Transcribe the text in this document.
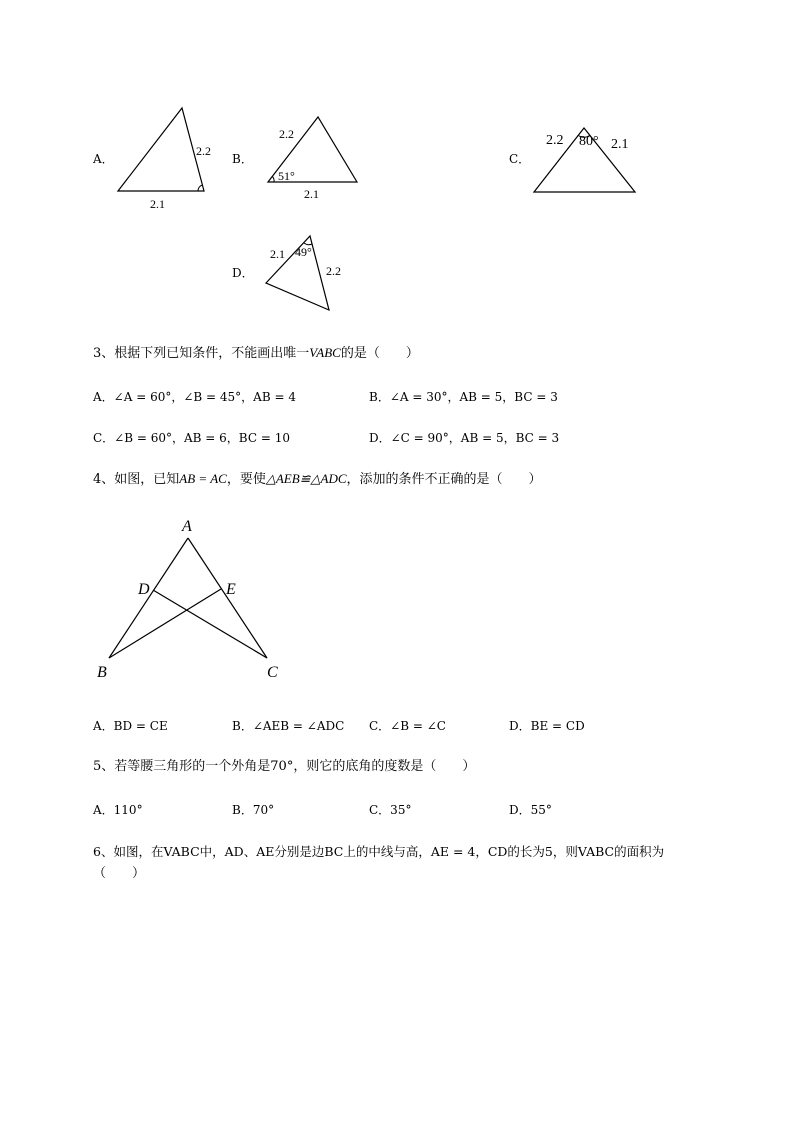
A．
2.2
2.1
B．
2.2
51°
2.1
C．
2.2 80° 2.1
D．
2.1 49°
2.2
3、根据下列已知条件，不能画出唯一VABC的是（　　）
A．∠A = 60°，∠B = 45°，AB = 4	B．∠A = 30°，AB = 5，BC = 3
C．∠B = 60°，AB = 6，BC = 10	D．∠C = 90°，AB = 5，BC = 3
4、如图，已知AB = AC，要使△AEB≌△ADC，添加的条件不正确的是（　　）
A
B	C
D	E
A．BD = CE	B．∠AEB = ∠ADC C．∠B = ∠C	D．BE = CD
5、若等腰三角形的一个外角是70°，则它的底角的度数是（　　）
A．110°	B．70°	C．35°	D．55°
6、如图，在VABC中，AD、AE分别是边BC上的中线与高，AE = 4，CD的长为5，则VABC的面积为
（　　）
